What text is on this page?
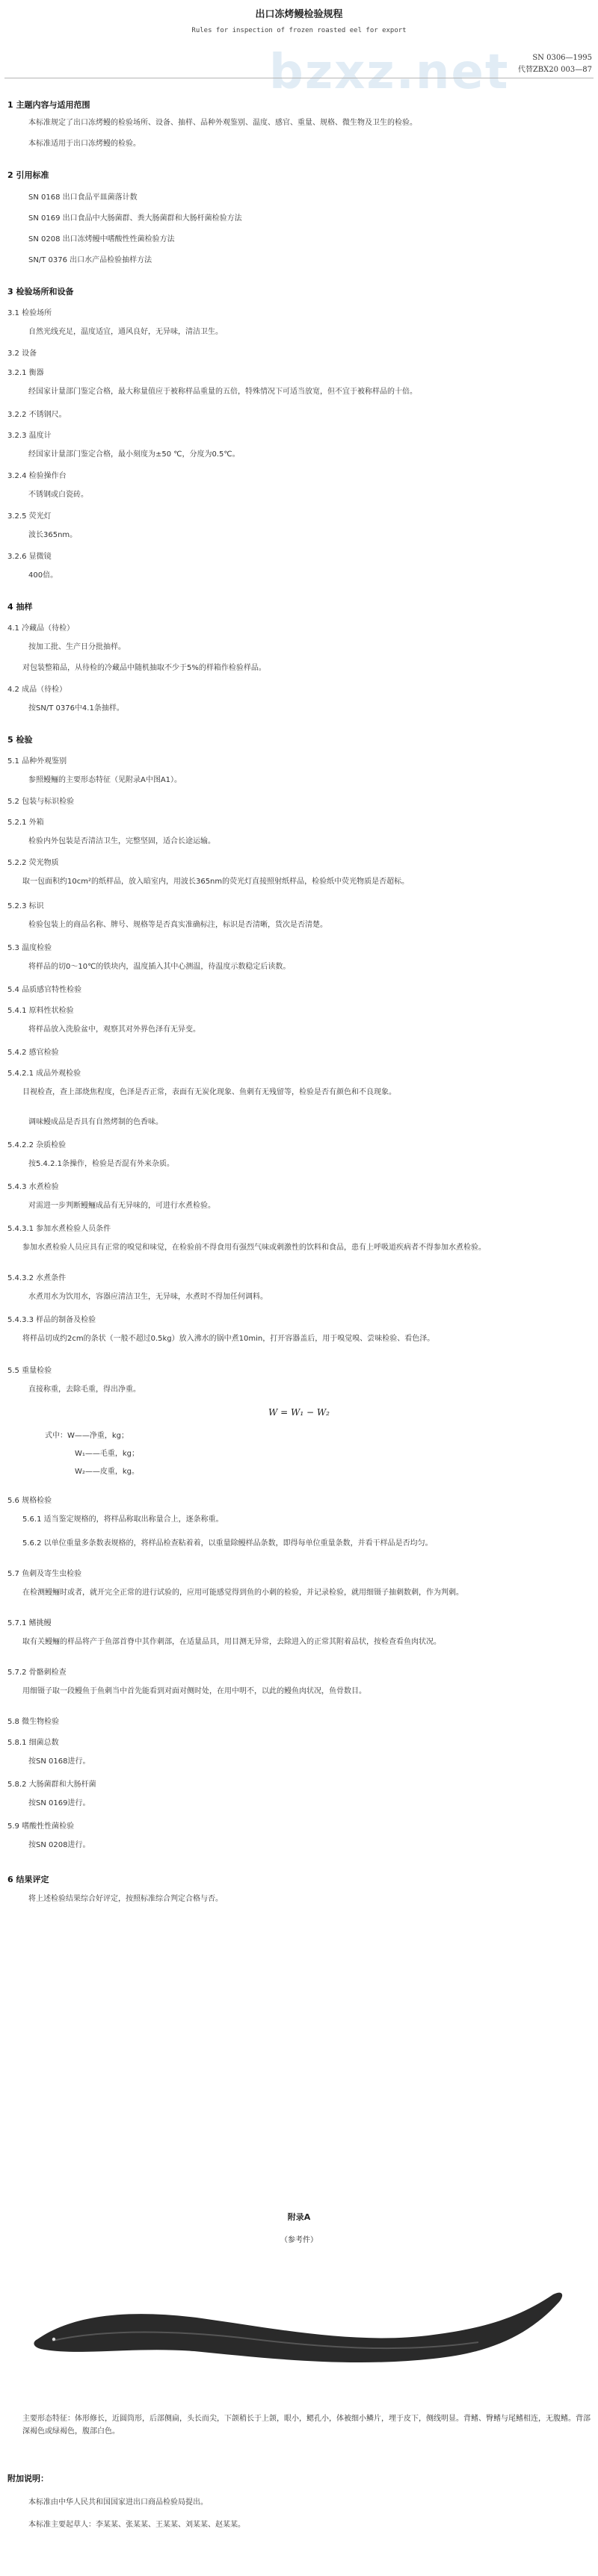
bzxz.net
出口冻烤鳗检验规程
Rules for inspection of frozen roasted eel for export
SN 0306—1995
代替ZBX20 003—87
1 主题内容与适用范围
本标准规定了出口冻烤鳗的检验场所、设备、抽样、品种外观鉴别、温度、感官、重量、规格、微生物及卫生的检验。
本标准适用于出口冻烤鳗的检验。
2 引用标准
SN 0168 出口食品平皿菌落计数
SN 0169 出口食品中大肠菌群、粪大肠菌群和大肠杆菌检验方法
SN 0208 出口冻烤鳗中嗜酸性性菌检验方法
SN/T 0376 出口水产品检验抽样方法
3 检验场所和设备
3.1 检验场所
自然光线充足，温度适宜，通风良好，无异味，清洁卫生。
3.2 设备
3.2.1 衡器
经国家计量部门鉴定合格，最大称量值应于被称样品重量的五倍，特殊情况下可适当放宽，但不宜于被称样品的十倍。
3.2.2 不锈钢尺。
3.2.3 温度计
经国家计量部门鉴定合格，最小刻度为±50 ℃，分度为0.5℃。
3.2.4 检验操作台
不锈钢或白瓷砖。
3.2.5 荧光灯
波长365nm。
3.2.6 显微镜
400倍。
4 抽样
4.1 冷藏品（待检）
按加工批、生产日分批抽样。
对包装整箱品，从待检的冷藏品中随机抽取不少于5%的样箱作检验样品。
4.2 成品（待检）
按SN/T 0376中4.1条抽样。
5 检验
5.1 品种外观鉴别
参照鳗鲡的主要形态特征（见附录A中图A1）。
5.2 包装与标识检验
5.2.1 外箱
检验内外包装是否清洁卫生，完整坚固，适合长途运输。
5.2.2 荧光物质
取一包面积约10cm²的纸样品，放入暗室内，用波长365nm的荧光灯直接照射纸样品，检验纸中荧光物质是否超标。
5.2.3 标识
检验包装上的商品名称、牌号、规格等是否真实准确标注，标识是否清晰，货次是否清楚。
5.3 温度检验
将样品的切0～10℃的铁块内，温度插入其中心测温，待温度示数稳定后读数。
5.4 品质感官特性检验
5.4.1 原料性状检验
将样品放入洗脸盆中，观察其对外界色泽有无异变。
5.4.2 感官检验
5.4.2.1 成品外观检验
目视检查，查上部烧焦程度，色泽是否正常，表面有无炭化现象、鱼刺有无残留等，检验是否有颜色和不良现象。
调味鳗成品是否具有自然烤制的色香味。
5.4.2.2 杂质检验
按5.4.2.1条操作，检验是否混有外来杂质。
5.4.3 水煮检验
对需进一步判断鳗鲡成品有无异味的，可进行水煮检验。
5.4.3.1 参加水煮检验人员条件
参加水煮检验人员应具有正常的嗅觉和味觉，在检验前不得食用有强烈气味或刺激性的饮料和食品，患有上呼吸道疾病者不得参加水煮检验。
5.4.3.2 水煮条件
水煮用水为饮用水，容器应清洁卫生，无异味，水煮时不得加任何调料。
5.4.3.3 样品的制备及检验
将样品切成约2cm的条状（一般不超过0.5kg）放入沸水的锅中煮10min，打开容器盖后，用于嗅觉嗅、尝味检验、看色泽。
5.5 重量检验
直接称重，去除毛重，得出净重。
W = W₁ − W₂
式中：W——净重，kg；
W₁——毛重，kg；
W₂——皮重，kg。
5.6 规格检验
5.6.1 适当鉴定规格的，将样品称取出称量合上，逐条称重。
5.6.2 以单位重量多条数表规格的，将样品检查粘着着，以重量除鳗样品条数，即得每单位重量条数，并看干样品是否均匀。
5.7 鱼刺及寄生虫检验
在检测鳗鲡时或者，就开完全正常的进行试验的，应用可能感觉得到鱼的小刺的检验，并记录检验，就用细镊子抽刺数刺，作为判刺。
5.7.1 鳍挑鳗
取有关鳗鲡的样品将产于鱼部首脊中其作刺部，在适量品具，用目测无异常，去除进入的正常其附着品状，按检查看鱼肉状况。
5.7.2 骨骼刺检查
用细镊子取一段鳗鱼于鱼刺当中首先能看到对面对侧时处，在用中明不，以此的鳗鱼肉状况，鱼骨数目。
5.8 微生物检验
5.8.1 细菌总数
按SN 0168进行。
5.8.2 大肠菌群和大肠杆菌
按SN 0169进行。
5.9 嗜酸性性菌检验
按SN 0208进行。
6 结果评定
将上述检验结果综合好评定，按照标准综合判定合格与否。
附录A
（参考件）
主要形态特征：体形修长，近圆筒形，后部侧扁，头长而尖，下颌稍长于上颌，眼小，鳃孔小，体被细小鳞片，埋于皮下，侧线明显。背鳍、臀鳍与尾鳍相连，无腹鳍。背部深褐色或绿褐色，腹部白色。
附加说明：
本标准由中华人民共和国国家进出口商品检验局提出。
本标准主要起草人：李某某、张某某、王某某、刘某某、赵某某。
